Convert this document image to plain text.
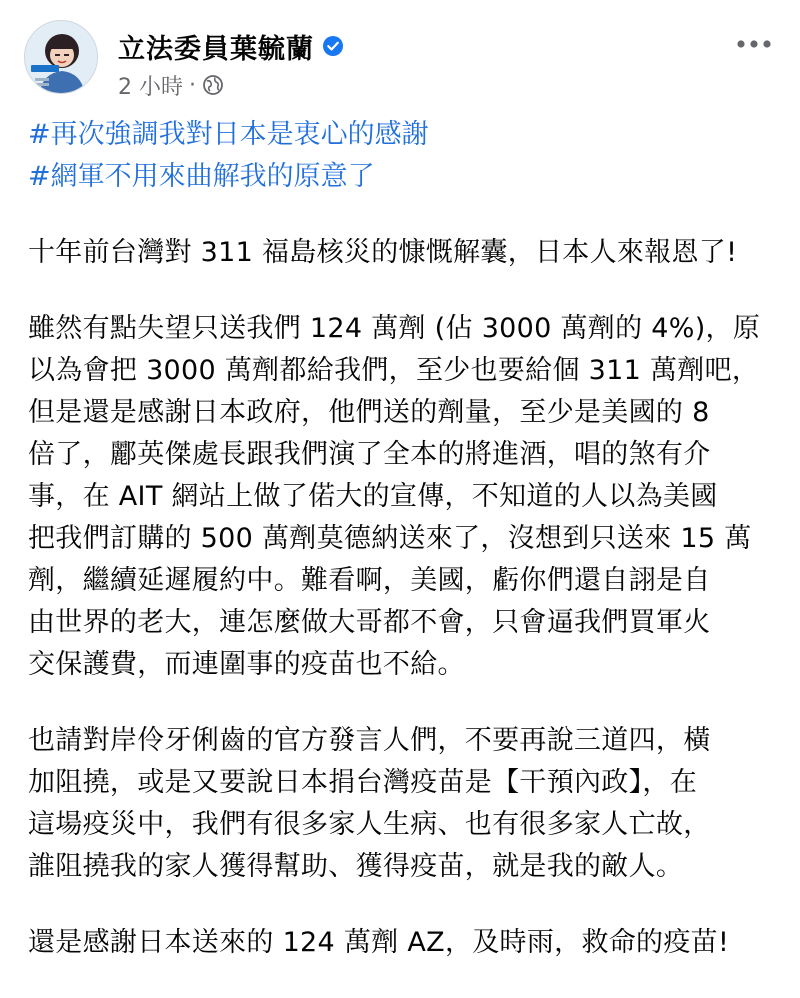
立法委員葉毓蘭
2 小時 ·
#再次強調我對日本是衷心的感謝
#網軍不用來曲解我的原意了
十年前台灣對 311 福島核災的慷慨解囊，日本人來報恩了!
雖然有點失望只送我們 124 萬劑 (佔 3000 萬劑的 4%)，原
以為會把 3000 萬劑都給我們，至少也要給個 311 萬劑吧，
但是還是感謝日本政府，他們送的劑量，至少是美國的 8
倍了，酈英傑處長跟我們演了全本的將進酒，唱的煞有介
事，在 AIT 網站上做了偌大的宣傳，不知道的人以為美國
把我們訂購的 500 萬劑莫德納送來了，沒想到只送來 15 萬
劑，繼續延遲履約中。難看啊，美國，虧你們還自詡是自
由世界的老大，連怎麼做大哥都不會，只會逼我們買軍火
交保護費，而連圍事的疫苗也不給。
也請對岸伶牙俐齒的官方發言人們，不要再說三道四，橫
加阻撓，或是又要說日本捐台灣疫苗是【干預內政】，在
這場疫災中，我們有很多家人生病、也有很多家人亡故，
誰阻撓我的家人獲得幫助、獲得疫苗，就是我的敵人。
還是感謝日本送來的 124 萬劑 AZ，及時雨，救命的疫苗!
